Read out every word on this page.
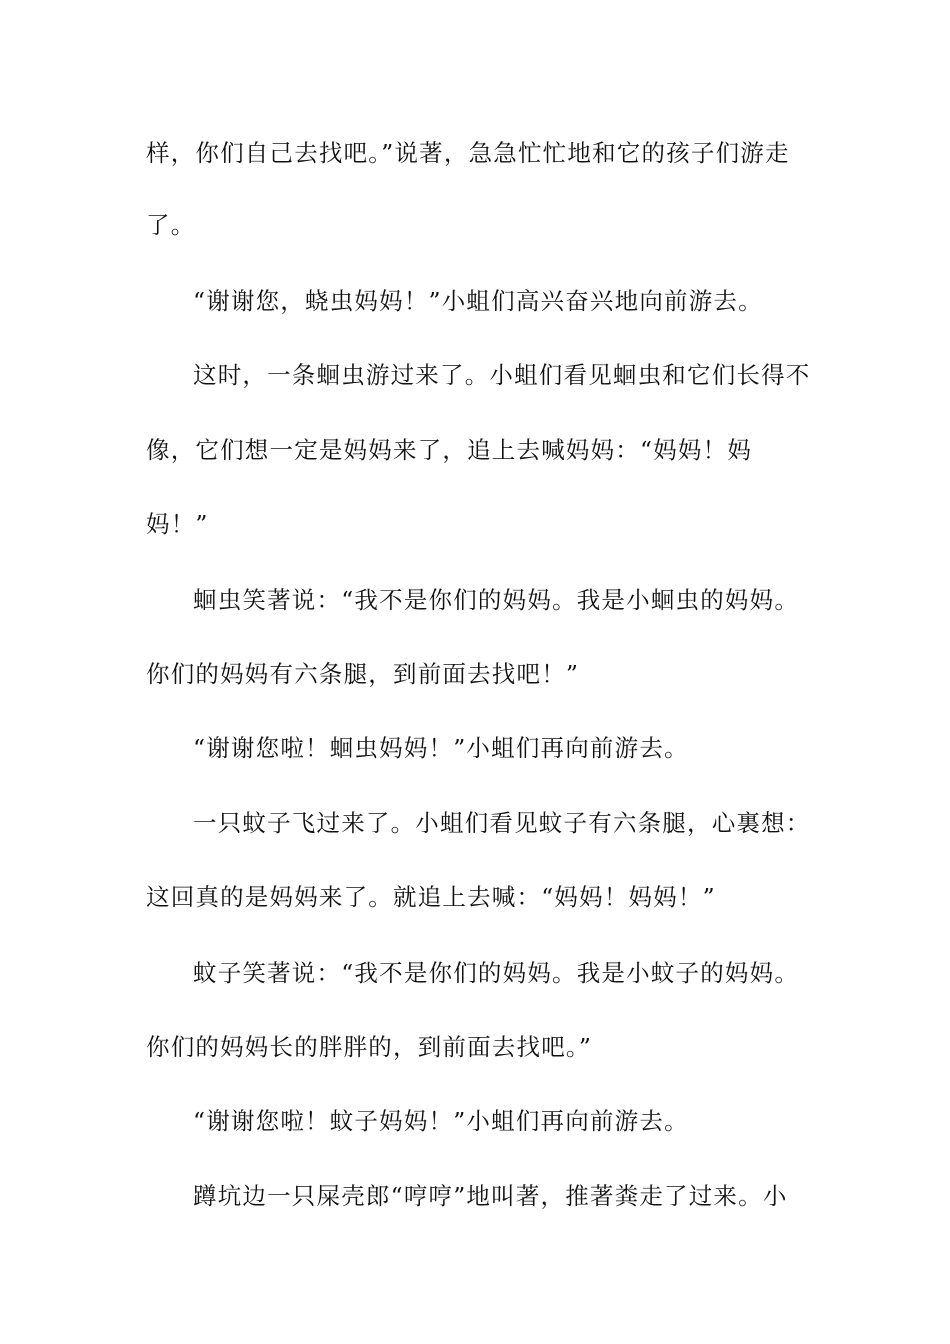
样，你们自己去找吧。”说著，急急忙忙地和它的孩子们游走
了。
“谢谢您，蛲虫妈妈！”小蛆们高兴奋兴地向前游去。
这时，一条蛔虫游过来了。小蛆们看见蛔虫和它们长得不
像，它们想一定是妈妈来了，追上去喊妈妈：“妈妈！妈
妈！”
蛔虫笑著说：“我不是你们的妈妈。我是小蛔虫的妈妈。
你们的妈妈有六条腿，到前面去找吧！”
“谢谢您啦！蛔虫妈妈！”小蛆们再向前游去。
一只蚊子飞过来了。小蛆们看见蚊子有六条腿，心裏想：
这回真的是妈妈来了。就追上去喊：“妈妈！妈妈！”
蚊子笑著说：“我不是你们的妈妈。我是小蚊子的妈妈。
你们的妈妈长的胖胖的，到前面去找吧。”
“谢谢您啦！蚊子妈妈！”小蛆们再向前游去。
蹲坑边一只屎壳郎“哼哼”地叫著，推著粪走了过来。小
